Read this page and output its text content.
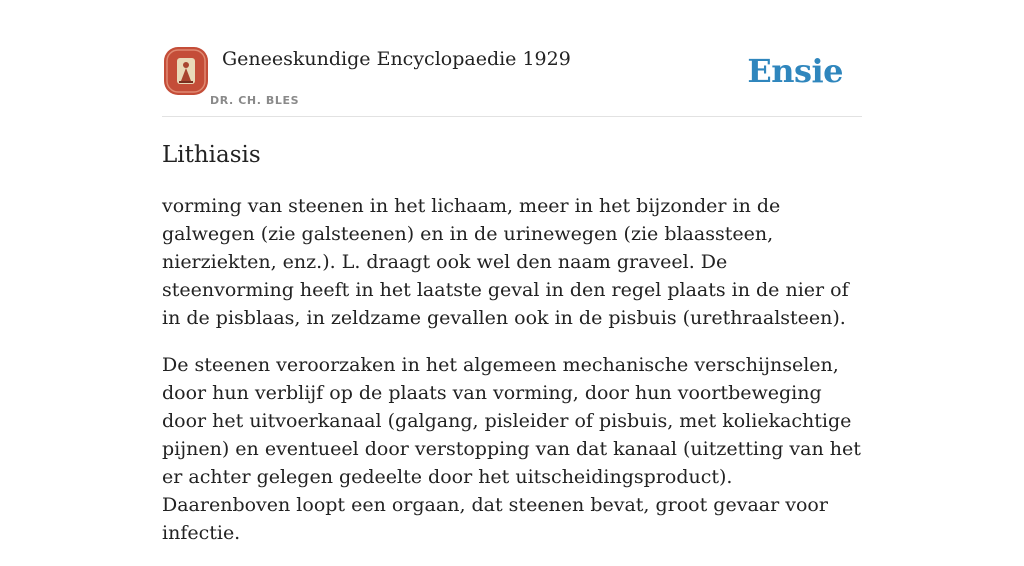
Geneeskundige Encyclopaedie 1929
DR. CH. BLES
Ensie
Lithiasis

vorming van steenen in het lichaam, meer in het bijzonder in de galwegen (zie galsteenen) en in de urinewegen (zie blaassteen, nierziekten, enz.). L. draagt ook wel den naam graveel. De steenvorming heeft in het laatste geval in den regel plaats in de nier of in de pisblaas, in zeldzame gevallen ook in de pisbuis (urethraalsteen).

De steenen veroorzaken in het algemeen mechanische verschijnselen, door hun verblijf op de plaats van vorming, door hun voortbeweging door het uitvoerkanaal (galgang, pisleider of pisbuis, met koliekachtige pijnen) en eventueel door verstopping van dat kanaal (uitzetting van het er achter gelegen gedeelte door het uitscheidingsproduct). Daarenboven loopt een orgaan, dat steenen bevat, groot gevaar voor infectie.
